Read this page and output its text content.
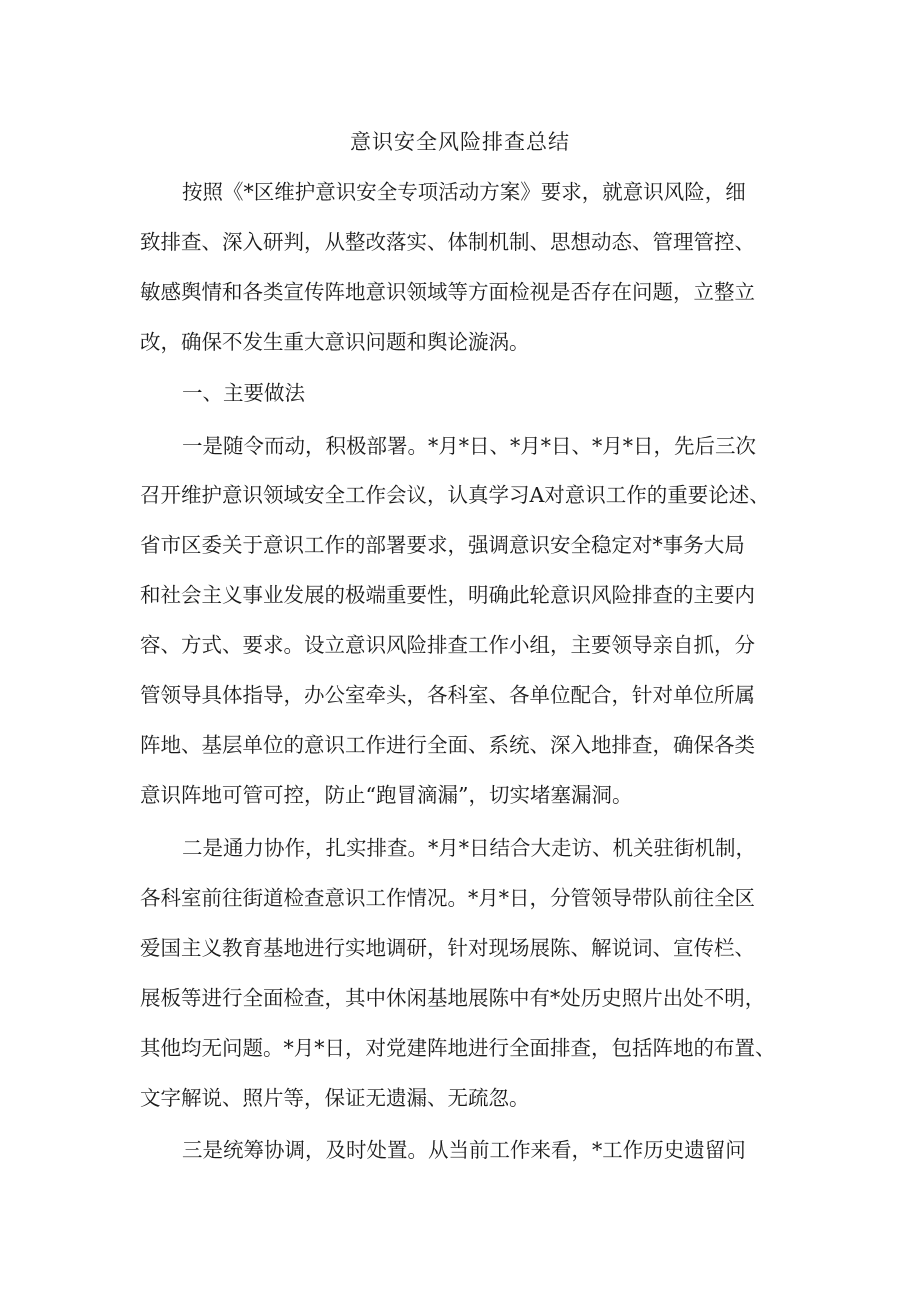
意识安全风险排查总结
按照《*区维护意识安全专项活动方案》要求，就意识风险，细
致排查、深入研判，从整改落实、体制机制、思想动态、管理管控、
敏感舆情和各类宣传阵地意识领域等方面检视是否存在问题，立整立
改，确保不发生重大意识问题和舆论漩涡。
一、主要做法
一是随令而动，积极部署。*月*日、*月*日、*月*日，先后三次
召开维护意识领域安全工作会议，认真学习A对意识工作的重要论述、
省市区委关于意识工作的部署要求，强调意识安全稳定对*事务大局
和社会主义事业发展的极端重要性，明确此轮意识风险排查的主要内
容、方式、要求。设立意识风险排查工作小组，主要领导亲自抓，分
管领导具体指导，办公室牵头，各科室、各单位配合，针对单位所属
阵地、基层单位的意识工作进行全面、系统、深入地排查，确保各类
意识阵地可管可控，防止“跑冒滴漏”，切实堵塞漏洞。
二是通力协作，扎实排查。*月*日结合大走访、机关驻街机制，
各科室前往街道检查意识工作情况。*月*日，分管领导带队前往全区
爱国主义教育基地进行实地调研，针对现场展陈、解说词、宣传栏、
展板等进行全面检查，其中休闲基地展陈中有*处历史照片出处不明，
其他均无问题。*月*日，对党建阵地进行全面排查，包括阵地的布置、
文字解说、照片等，保证无遗漏、无疏忽。
三是统筹协调，及时处置。从当前工作来看，*工作历史遗留问
